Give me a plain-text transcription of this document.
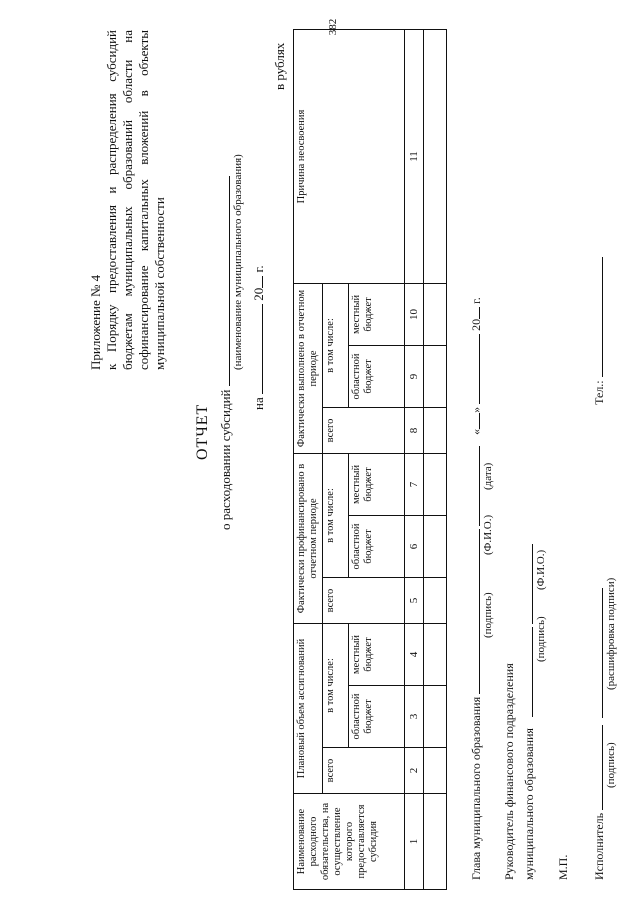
382
Приложение № 4 к Порядку предоставления и распределения субсидий бюджетам муниципальных образований области на софинансирование капитальных вложений в объекты муниципальной собственности
ОТЧЕТ о расходовании субсидий
(наименование муниципального образования)
на  20 г.
в рублях
Наименование расходного обязательства, на осуществление которого предоставляется субсидия	Плановый объем ассигнований			Фактически профинансировано в отчетном периоде			Фактически выполнено в отчетном периоде			Причина неосвоения
	всего	в том числе:		всего	в том числе:		всего	в том числе:		
		областной бюджет	местный бюджет		областной бюджет	местный бюджет		областной бюджет	местный бюджет	
1	2	3	4	5	6	7	8	9	10	11

Глава муниципального образования   «»  20 г.
(подпись)
(Ф.И.О.)
(дата)
Руководитель финансового подразделения муниципального образования
(подпись)
(Ф.И.О.)
М.П.	Исполнитель   Тел.:
(подпись)
(расшифровка подписи)
